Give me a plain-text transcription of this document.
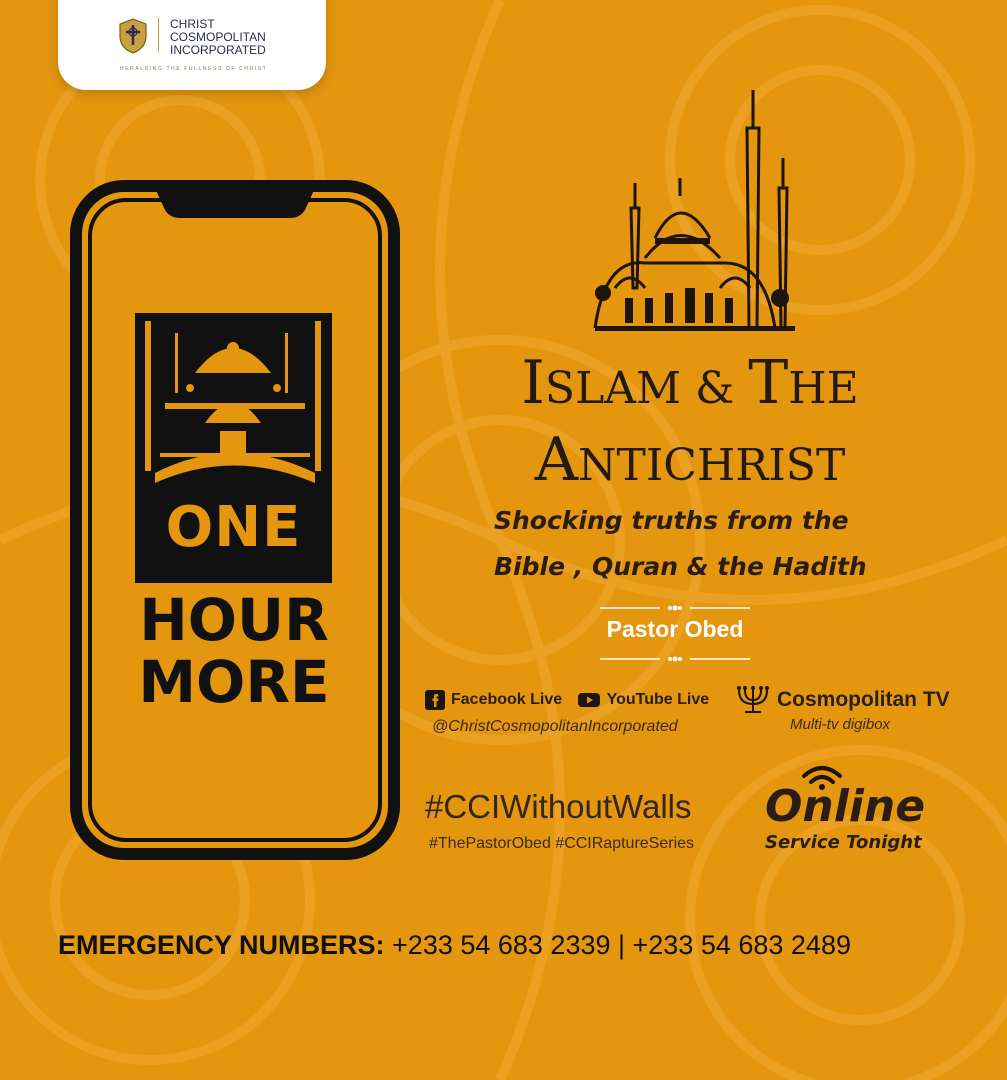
CHRIST
COSMOPOLITAN
INCORPORATED
HERALDING THE FULLNESS OF CHRIST
ONE
HOUR
MORE
ISLAM & THE
ANTICHRIST
Shocking truths from the
Bible , Quran & the Hadith
Pastor Obed
Facebook Live	YouTube Live
@ChristCosmopolitanIncorporated
Cosmopolitan TV
Multi-tv digibox
#CCIWithoutWalls
#ThePastorObed #CCIRaptureSeries
Online
Service Tonight
EMERGENCY NUMBERS: +233 54 683 2339 | +233 54 683 2489
